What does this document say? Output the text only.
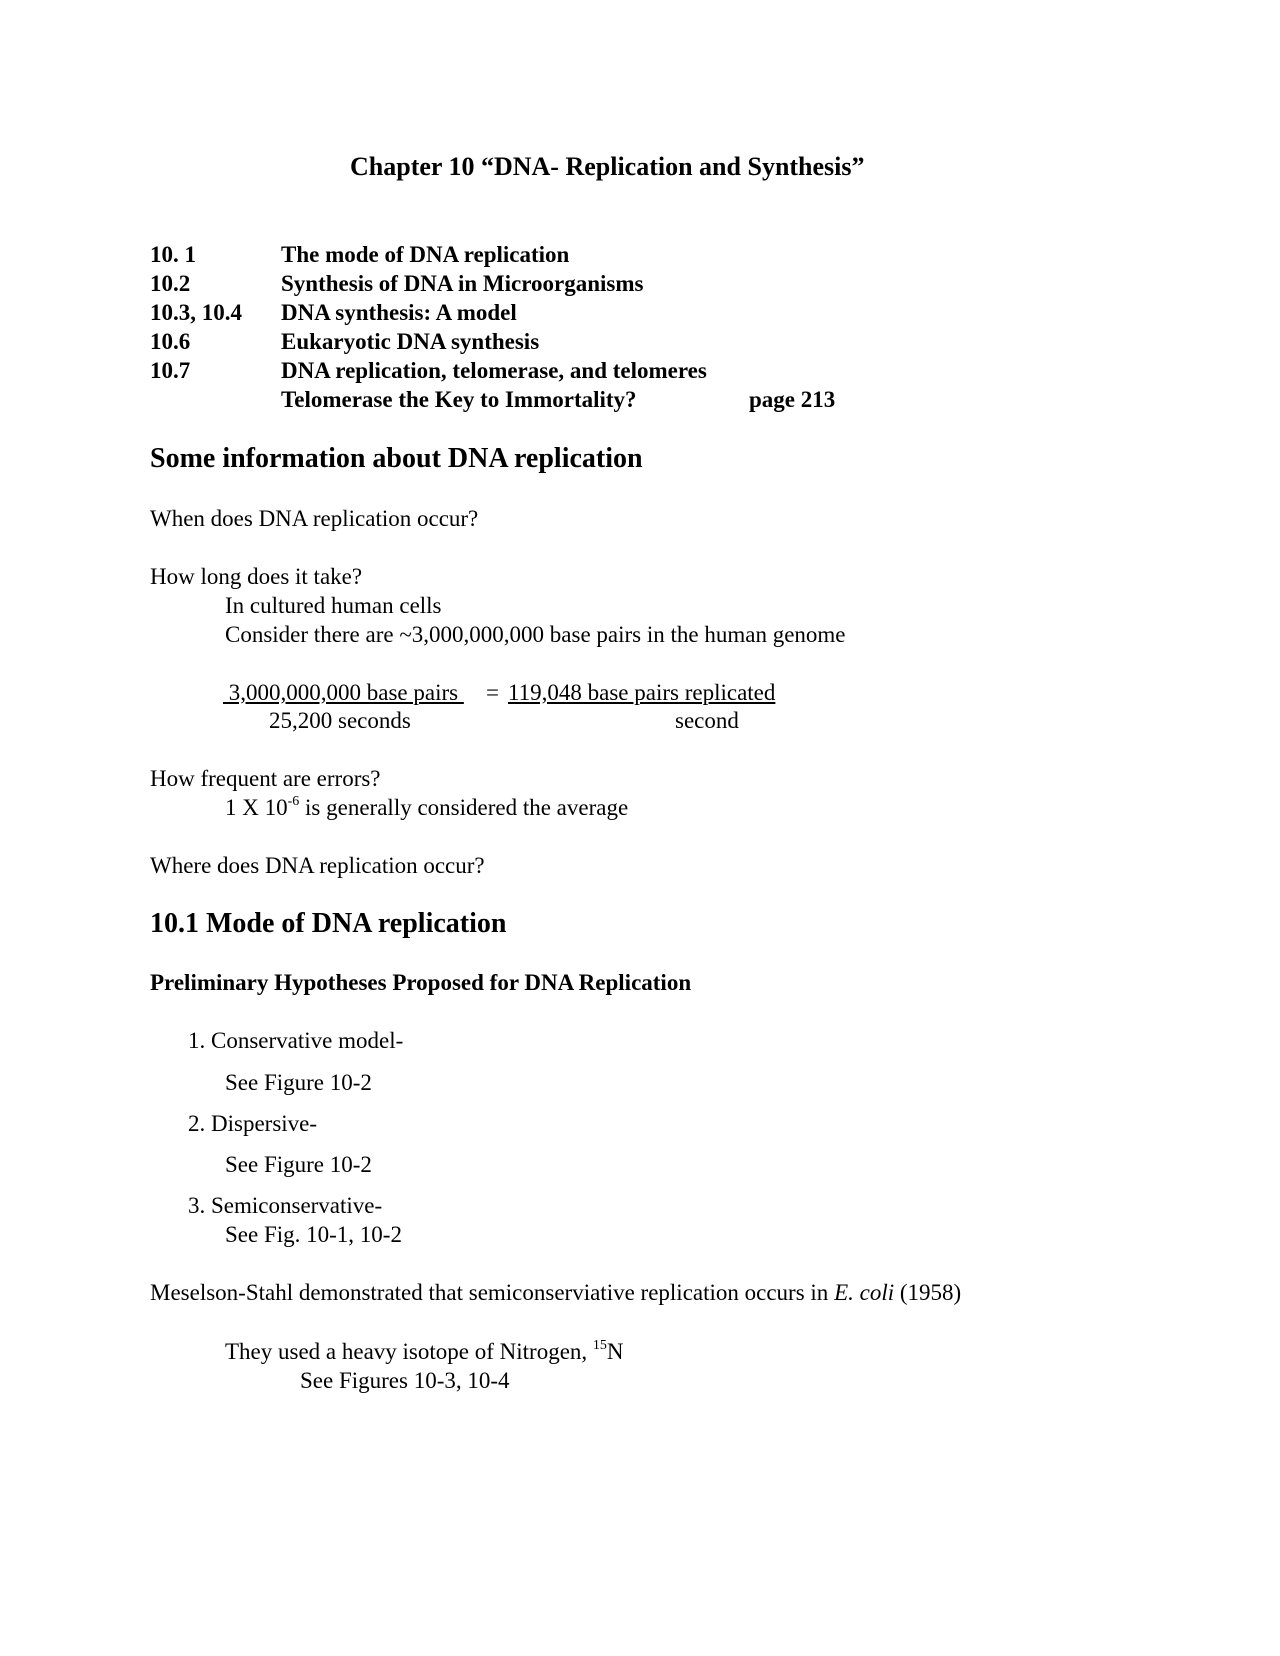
Chapter 10 “DNA- Replication and Synthesis”
10. 1	The mode of DNA replication
10.2	Synthesis of DNA in Microorganisms
10.3, 10.4 DNA synthesis: A model
10.6	Eukaryotic DNA synthesis
10.7	DNA replication, telomerase, and telomeres
Telomerase the Key to Immortality?	page 213
Some information about DNA replication
When does DNA replication occur?
How long does it take?
In cultured human cells
Consider there are ~3,000,000,000 base pairs in the human genome
3,000,000,000 base pairs = 119,048 base pairs replicated
25,200 seconds	second
How frequent are errors?
1 X $10^{-6}$ is generally considered the average
Where does DNA replication occur?
10.1 Mode of DNA replication
Preliminary Hypotheses Proposed for DNA Replication
1. Conservative model-
See Figure 10-2
2. Dispersive-
See Figure 10-2
3. Semiconservative-
See Fig. 10-1, 10-2
Meselson-Stahl demonstrated that semiconserviative replication occurs in E. coli (1958)
They used a heavy isotope of Nitrogen, $^{15}$N
See Figures 10-3, 10-4
